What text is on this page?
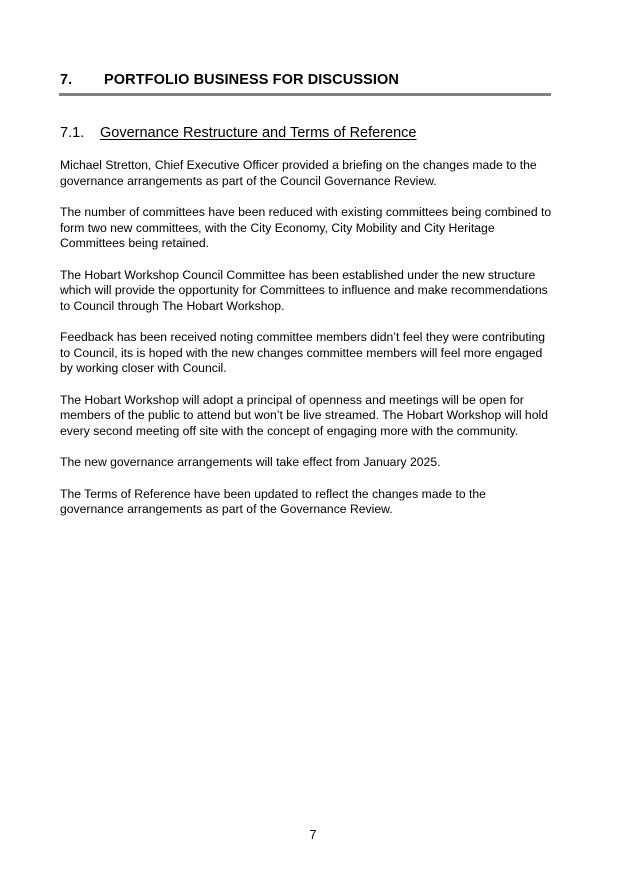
7. PORTFOLIO BUSINESS FOR DISCUSSION
7.1. Governance Restructure and Terms of Reference

Michael Stretton, Chief Executive Officer provided a briefing on the changes made to the governance arrangements as part of the Council Governance Review.

The number of committees have been reduced with existing committees being combined to form two new committees, with the City Economy, City Mobility and City Heritage Committees being retained.

The Hobart Workshop Council Committee has been established under the new structure which will provide the opportunity for Committees to influence and make recommendations to Council through The Hobart Workshop.

Feedback has been received noting committee members didn’t feel they were contributing to Council, its is hoped with the new changes committee members will feel more engaged by working closer with Council.

The Hobart Workshop will adopt a principal of openness and meetings will be open for members of the public to attend but won’t be live streamed. The Hobart Workshop will hold every second meeting off site with the concept of engaging more with the community.

The new governance arrangements will take effect from January 2025.

The Terms of Reference have been updated to reflect the changes made to the governance arrangements as part of the Governance Review.

7
